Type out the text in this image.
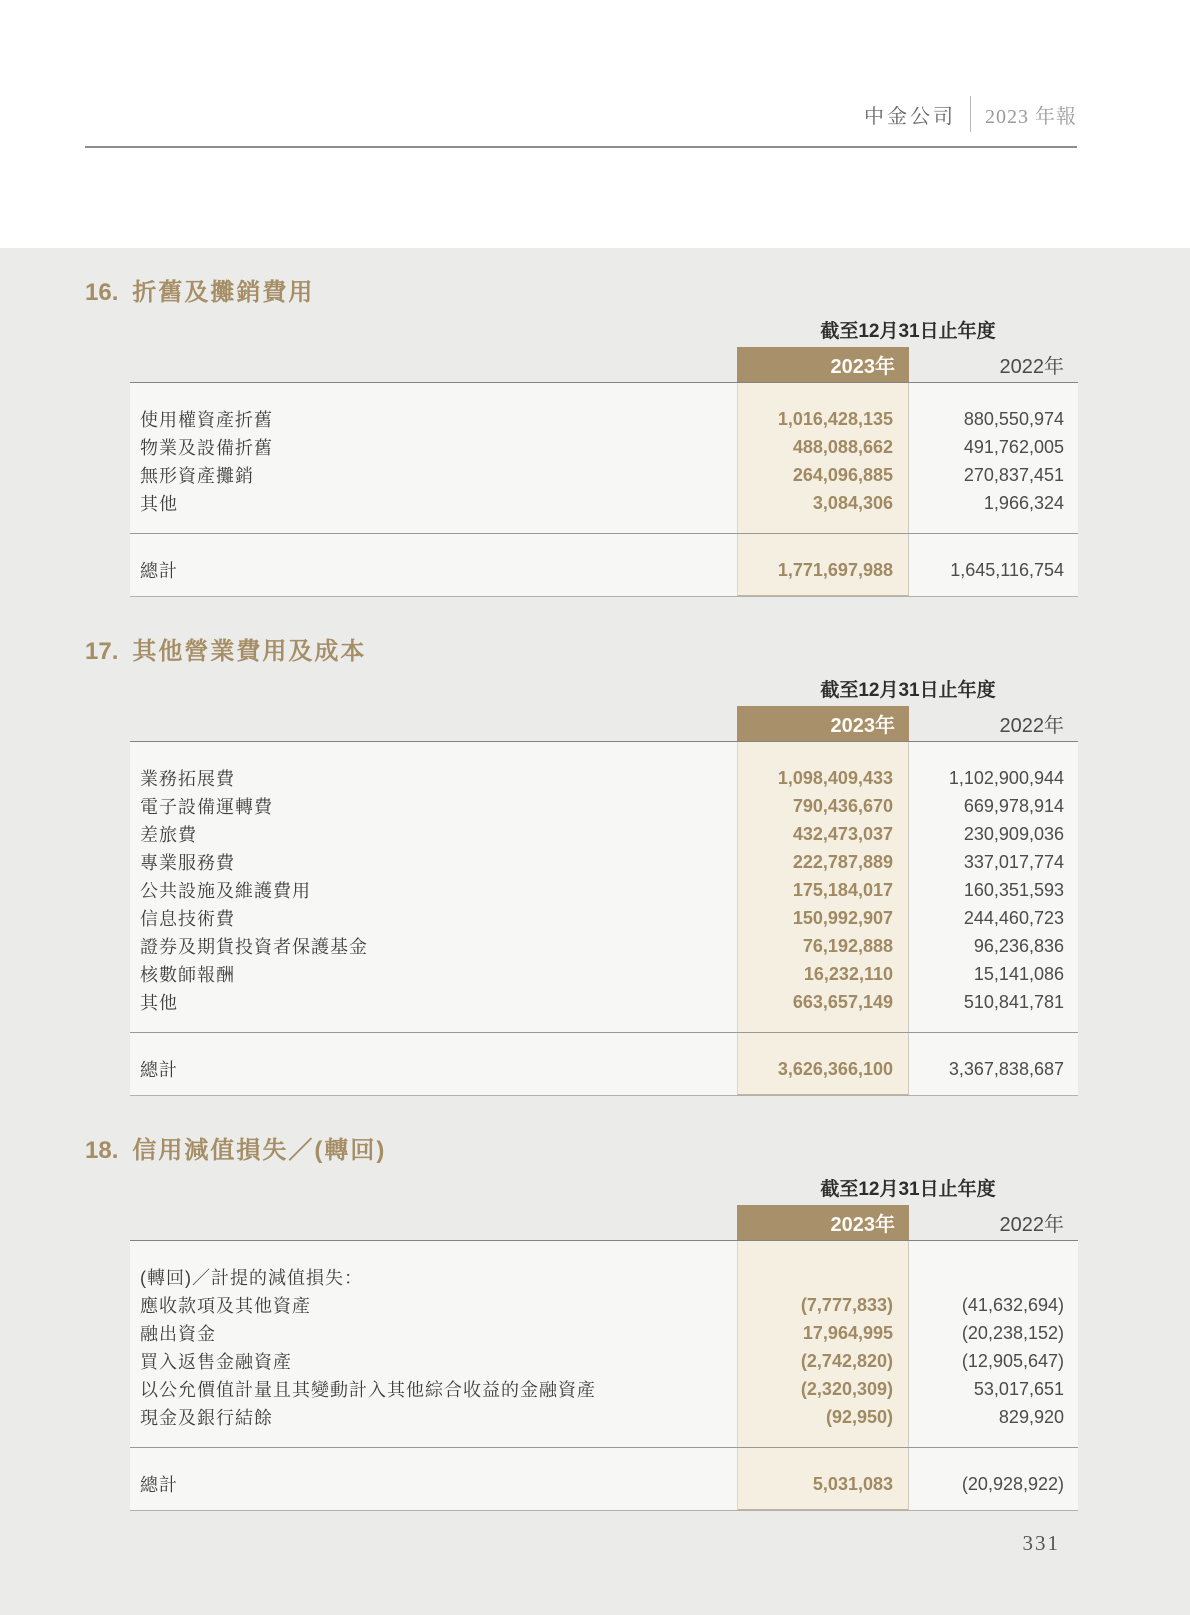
中金公司 2023 年報
16. 折舊及攤銷費用
截至12月31日止年度
2023年	2022年
使用權資產折舊	1,016,428,135	880,550,974
物業及設備折舊	488,088,662	491,762,005
無形資產攤銷	264,096,885	270,837,451
其他	3,084,306	1,966,324
總計	1,771,697,988	1,645,116,754
17. 其他營業費用及成本
截至12月31日止年度
2023年	2022年
業務拓展費	1,098,409,433	1,102,900,944
電子設備運轉費	790,436,670	669,978,914
差旅費	432,473,037	230,909,036
專業服務費	222,787,889	337,017,774
公共設施及維護費用	175,184,017	160,351,593
信息技術費	150,992,907	244,460,723
證券及期貨投資者保護基金	76,192,888	96,236,836
核數師報酬	16,232,110	15,141,086
其他	663,657,149	510,841,781
總計	3,626,366,100	3,367,838,687
18. 信用減值損失／(轉回)
截至12月31日止年度
2023年	2022年
(轉回)／計提的減值損失：
應收款項及其他資產	(7,777,833)	(41,632,694)
融出資金	17,964,995	(20,238,152)
買入返售金融資產	(2,742,820)	(12,905,647)
以公允價值計量且其變動計入其他綜合收益的金融資產	(2,320,309)	53,017,651
現金及銀行結餘	(92,950)	829,920
總計	5,031,083	(20,928,922)
331
